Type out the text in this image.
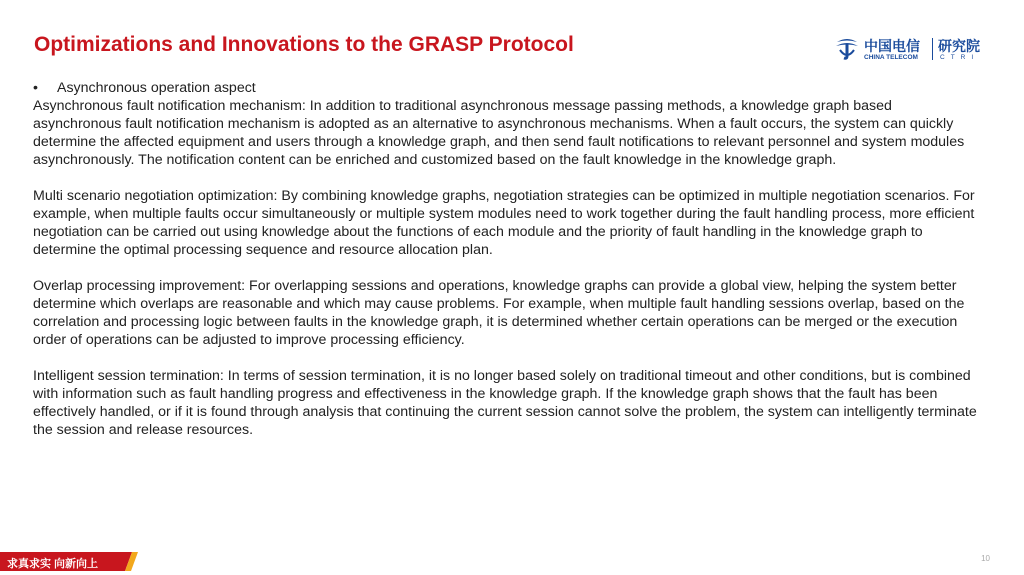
Optimizations and Innovations to the GRASP Protocol	中国电信
CHINA TELECOM
研究院
CTRI
•	Asynchronous operation aspect

Asynchronous fault notification mechanism: In addition to traditional asynchronous message passing methods, a knowledge graph based asynchronous fault notification mechanism is adopted as an alternative to asynchronous mechanisms. When a fault occurs, the system can quickly determine the affected equipment and users through a knowledge graph, and then send fault notifications to relevant personnel and system modules asynchronously. The notification content can be enriched and customized based on the fault knowledge in the knowledge graph.

Multi scenario negotiation optimization: By combining knowledge graphs, negotiation strategies can be optimized in multiple negotiation scenarios. For example, when multiple faults occur simultaneously or multiple system modules need to work together during the fault handling process, more efficient negotiation can be carried out using knowledge about the functions of each module and the priority of fault handling in the knowledge graph to determine the optimal processing sequence and resource allocation plan.

Overlap processing improvement: For overlapping sessions and operations, knowledge graphs can provide a global view, helping the system better determine which overlaps are reasonable and which may cause problems. For example, when multiple fault handling sessions overlap, based on the correlation and processing logic between faults in the knowledge graph, it is determined whether certain operations can be merged or the execution order of operations can be adjusted to improve processing efficiency.

Intelligent session termination: In terms of session termination, it is no longer based solely on traditional timeout and other conditions, but is combined with information such as fault handling progress and effectiveness in the knowledge graph. If the knowledge graph shows that the fault has been effectively handled, or if it is found through analysis that continuing the current session cannot solve the problem, the system can intelligently terminate the session and release resources.

求真求实 向新向上	10
